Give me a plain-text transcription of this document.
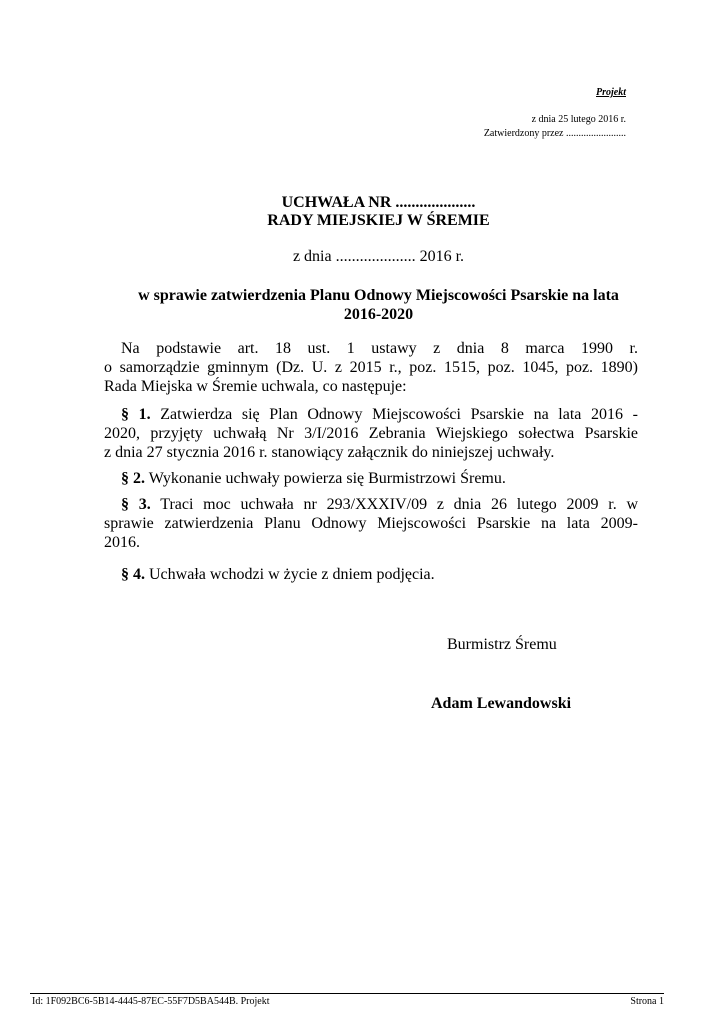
Projekt
z dnia 25 lutego 2016 r.
Zatwierdzony przez ........................
UCHWAŁA NR ....................
RADY MIEJSKIEJ W ŚREMIE
z dnia .................... 2016 r.
w sprawie zatwierdzenia Planu Odnowy Miejscowości Psarskie na lata
2016-2020
Na podstawie art. 18 ust. 1 ustawy z dnia 8 marca 1990 r.
o samorządzie gminnym (Dz. U. z 2015 r., poz. 1515, poz. 1045, poz. 1890)
Rada Miejska w Śremie uchwala, co następuje:
§ 1. Zatwierdza się Plan Odnowy Miejscowości Psarskie na lata 2016 -
2020, przyjęty uchwałą Nr 3/I/2016 Zebrania Wiejskiego sołectwa Psarskie
z dnia 27 stycznia 2016 r. stanowiący załącznik do niniejszej uchwały.
§ 2. Wykonanie uchwały powierza się Burmistrzowi Śremu.
§ 3. Traci moc uchwała nr 293/XXXIV/09 z dnia 26 lutego 2009 r. w
sprawie zatwierdzenia Planu Odnowy Miejscowości Psarskie na lata 2009-
2016.
§ 4. Uchwała wchodzi w życie z dniem podjęcia.
Burmistrz Śremu
Adam Lewandowski
Id: 1F092BC6-5B14-4445-87EC-55F7D5BA544B. Projekt	Strona 1
